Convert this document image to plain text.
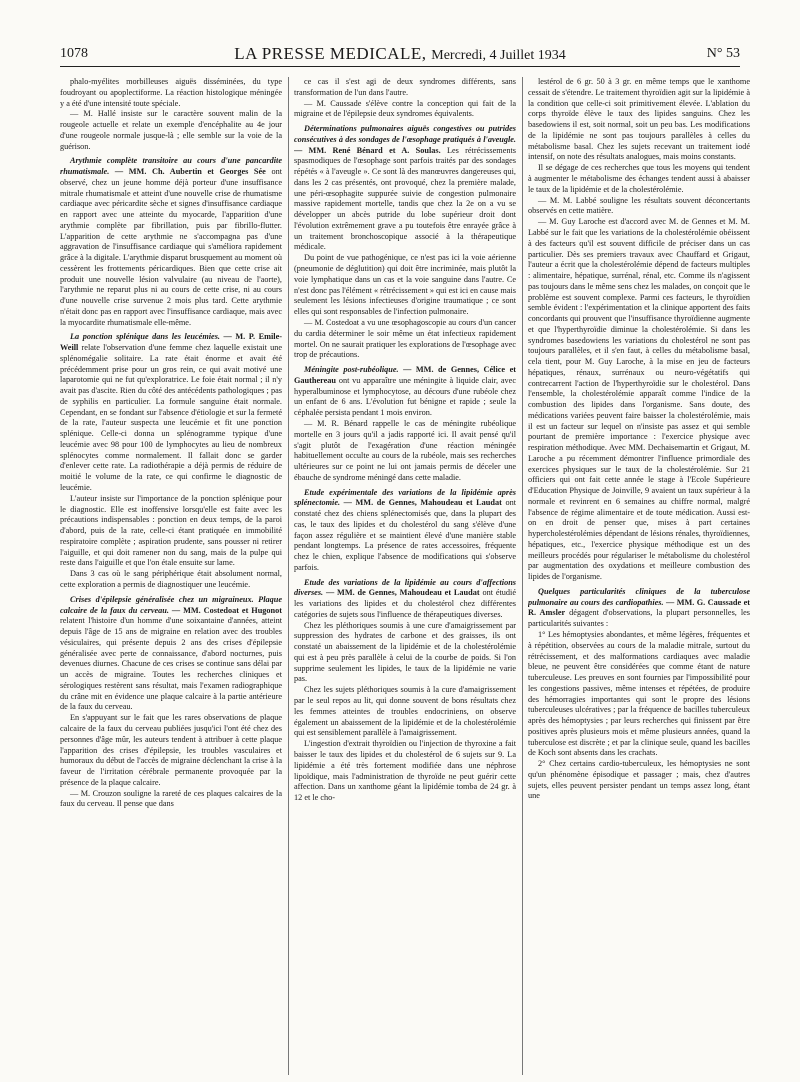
1078	LA PRESSE MEDICALE, Mercredi, 4 Juillet 1934	N° 53

phalo-myélites morbilleuses aiguës disséminées, du type foudroyant ou apoplectiforme. La réaction histologique méningée y a été d'une intensité toute spéciale.

— M. Hallé insiste sur le caractère souvent malin de la rougeole actuelle et relate un exemple d'encéphalite au 4e jour d'une rougeole normale jusque-là ; elle semble sur la voie de la guérison.

Arythmie complète transitoire au cours d'une pancardite rhumatismale. — MM. Ch. Aubertin et Georges Sée ont observé, chez un jeune homme déjà porteur d'une insuffisance mitrale rhumatismale et atteint d'une nouvelle crise de rhumatisme cardiaque avec péricardite sèche et signes d'insuffisance cardiaque en rapport avec une atteinte du myocarde, l'apparition d'une arythmie complète par fibrillation, puis par fibrillo-flutter. L'apparition de cette arythmie ne s'accompagna pas d'une aggravation de l'insuffisance cardiaque qui s'améliora rapidement grâce à la digitale. L'arythmie disparut brusquement au moment où cessèrent les frottements péricardiques. Bien que cette crise ait produit une nouvelle lésion valvulaire (au niveau de l'aorte), l'arythmie ne reparut plus ni au cours de cette crise, ni au cours d'une nouvelle crise survenue 2 mois plus tard. Cette arythmie n'était donc pas en rapport avec l'insuffisance cardiaque, mais avec la myocardite rhumatismale elle-même.

La ponction splénique dans les leucémies. — M. P. Emile-Weill relate l'observation d'une femme chez laquelle existait une splénomégalie solitaire. La rate était énorme et avait été précédemment prise pour un gros rein, ce qui avait motivé une laparotomie qui ne fut qu'exploratrice. Le foie était normal ; il n'y avait pas d'ascite. Rien du côté des antécédents pathologiques ; pas de syphilis en particulier. La formule sanguine était normale. Cependant, en se fondant sur l'absence d'étiologie et sur la fermeté de la rate, l'auteur suspecta une leucémie et fit une ponction splénique. Celle-ci donna un splénogramme typique d'une leucémie avec 98 pour 100 de lymphocytes au lieu de nombreux splénocytes comme normalement. Il fallait donc se garder d'enlever cette rate. La radiothérapie a déjà permis de réduire de moitié le volume de la rate, ce qui confirme le diagnostic de leucémie.

L'auteur insiste sur l'importance de la ponction splénique pour le diagnostic. Elle est inoffensive lorsqu'elle est faite avec les précautions indispensables : ponction en deux temps, de la paroi d'abord, puis de la rate, celle-ci étant pratiquée en immobilité respiratoire complète ; aspiration prudente, sans pousser ni retirer l'aiguille, et qui doit ramener non du sang, mais de la pulpe qui reste dans l'aiguille et que l'on étale ensuite sur lame.

Dans 3 cas où le sang périphérique était absolument normal, cette exploration a permis de diagnostiquer une leucémie.

Crises d'épilepsie généralisée chez un migraineux. Plaque calcaire de la faux du cerveau. — MM. Costedoat et Hugonot relatent l'histoire d'un homme d'une soixantaine d'années, atteint depuis l'âge de 15 ans de migraine en relation avec des troubles vésiculaires, qui présente depuis 2 ans des crises d'épilepsie généralisée avec perte de connaissance, d'abord nocturnes, puis devenues diurnes. Chacune de ces crises se continue sans délai par un accès de migraine. Toutes les recherches cliniques et sérologiques restèrent sans résultat, mais l'examen radiographique du crâne mit en évidence une plaque calcaire à la partie antérieure de la faux du cerveau.

En s'appuyant sur le fait que les rares observations de plaque calcaire de la faux du cerveau publiées jusqu'ici l'ont été chez des personnes d'âge mûr, les auteurs tendent à attribuer à cette plaque l'apparition des crises d'épilepsie, les troubles vasculaires et humoraux du début de l'accès de migraine déclenchant la crise à la faveur de l'irritation cérébrale permanente provoquée par la présence de la plaque calcaire.

— M. Crouzon souligne la rareté de ces plaques calcaires de la faux du cerveau. Il pense que dans

ce cas il s'est agi de deux syndromes différents, sans transformation de l'un dans l'autre.

— M. Caussade s'élève contre la conception qui fait de la migraine et de l'épilepsie deux syndromes équivalents.

Déterminations pulmonaires aiguës congestives ou putrides consécutives à des sondages de l'œsophage pratiqués à l'aveugle. — MM. René Bénard et A. Soulas. Les rétrécissements spasmodiques de l'œsophage sont parfois traités par des sondages répétés « à l'aveugle ». Ce sont là des manœuvres dangereuses qui, dans les 2 cas présentés, ont provoqué, chez la première malade, une péri-œsophagite suppurée suivie de congestion pulmonaire massive rapidement mortelle, tandis que chez la 2e on a vu se développer un abcès putride du lobe supérieur droit dont l'évolution extrêmement grave a pu toutefois être enrayée grâce à un traitement bronchoscopique associé à la thérapeutique médicale.

Du point de vue pathogénique, ce n'est pas ici la voie aérienne (pneumonie de déglutition) qui doit être incriminée, mais plutôt la voie lymphatique dans un cas et la voie sanguine dans l'autre. Ce n'est donc pas l'élément « rétrécissement » qui est ici en cause mais seulement les lésions infectieuses d'origine traumatique ; ce sont elles qui sont responsables de l'infection pulmonaire.

— M. Costedoat a vu une œsophagoscopie au cours d'un cancer du cardia déterminer le soir même un état infectieux rapidement mortel. On ne saurait pratiquer les explorations de l'œsophage avec trop de précautions.

Méningite post-rubéolique. — MM. de Gennes, Célice et Gauthereau ont vu apparaître une méningite à liquide clair, avec hyperalbuminose et lymphocytose, au décours d'une rubéole chez un enfant de 6 ans. L'évolution fut bénigne et rapide ; seule la céphalée persista pendant 1 mois environ.

— M. R. Bénard rappelle le cas de méningite rubéolique mortelle en 3 jours qu'il a jadis rapporté ici. Il avait pensé qu'il s'agit plutôt de l'exagération d'une réaction méningée habituellement occulte au cours de la rubéole, mais ses recherches ultérieures sur ce point ne lui ont jamais permis de déceler une ébauche de syndrome méningé dans cette maladie.

Etude expérimentale des variations de la lipidémie après splénectomie. — MM. de Gennes, Mahoudeau et Laudat ont constaté chez des chiens splénectomisés que, dans la plupart des cas, le taux des lipides et du cholestérol du sang s'élève d'une façon assez régulière et se maintient élevé d'une manière stable pendant longtemps. La présence de rates accessoires, fréquente chez le chien, explique l'absence de modifications qui s'observe parfois.

Etude des variations de la lipidémie au cours d'affections diverses. — MM. de Gennes, Mahoudeau et Laudat ont étudié les variations des lipides et du cholestérol chez différentes catégories de sujets sous l'influence de thérapeutiques diverses.

Chez les pléthoriques soumis à une cure d'amaigrissement par suppression des hydrates de carbone et des graisses, ils ont constaté un abaissement de la lipidémie et de la cholestérolémie qui est à peu près parallèle à celui de la courbe de poids. Si l'on supprime seulement les lipides, le taux de la lipidémie ne varie pas.

Chez les sujets pléthoriques soumis à la cure d'amaigrissement par le seul repos au lit, qui donne souvent de bons résultats chez les femmes atteintes de troubles endocriniens, on observe également un abaissement de la lipidémie et de la cholestérolémie qui est sensiblement parallèle à l'amaigrissement.

L'ingestion d'extrait thyroïdien ou l'injection de thyroxine a fait baisser le taux des lipides et du cholestérol de 6 sujets sur 9. La lipidémie a été très fortement modifiée dans une néphrose lipoïdique, mais l'administration de thyroïde ne peut guérir cette affection. Dans un xanthome géant la lipidémie tomba de 24 gr. à 12 et le cho-

lestérol de 6 gr. 50 à 3 gr. en même temps que le xanthome cessait de s'étendre. Le traitement thyroïdien agit sur la lipidémie à la condition que celle-ci soit primitivement élevée. L'ablation du corps thyroïde élève le taux des lipides sanguins. Chez les basedowiens il est, soit normal, soit un peu bas. Les modifications de la lipidémie ne sont pas toujours parallèles à celles du métabolisme basal. Chez les sujets recevant un traitement iodé intensif, on note des résultats analogues, mais moins constants.

Il se dégage de ces recherches que tous les moyens qui tendent à augmenter le métabolisme des échanges tendent aussi à abaisser le taux de la lipidémie et de la cholestérolémie.

— M. M. Labbé souligne les résultats souvent déconcertants observés en cette matière.

— M. Guy Laroche est d'accord avec M. de Gennes et M. M. Labbé sur le fait que les variations de la cholestérolémie obéissent à des facteurs qu'il est souvent difficile de préciser dans un cas particulier. Dès ses premiers travaux avec Chauffard et Grigaut, l'auteur a écrit que la cholestérolémie dépend de facteurs multiples : alimentaire, hépatique, surrénal, rénal, etc. Comme ils n'agissent pas toujours dans le même sens chez les malades, on conçoit que le problème est souvent complexe. Parmi ces facteurs, le thyroïdien semble évident : l'expérimentation et la clinique apportent des faits concordants qui prouvent que l'insuffisance thyroïdienne augmente et que l'hyperthyroïdie diminue la cholestérolémie. Si dans les syndromes basedowiens les variations du cholestérol ne sont pas toujours parallèles, et il s'en faut, à celles du métabolisme basal, cela tient, pour M. Guy Laroche, à la mise en jeu de facteurs hépatiques, rénaux, surrénaux ou neuro-végétatifs qui contrecarrent l'action de l'hyperthyroïdie sur le cholestérol. Dans l'ensemble, la cholestérolémie apparaît comme l'indice de la combustion des lipides dans l'organisme. Sans doute, des médications variées peuvent faire baisser la cholestérolémie, mais il est un facteur sur lequel on n'insiste pas assez et qui semble pourtant de première importance : l'exercice physique avec respiration méthodique. Avec MM. Dechaisemartin et Grigaut, M. Laroche a pu récemment démontrer l'influence primordiale des exercices physiques sur le taux de la cholestérolémie. Sur 21 officiers qui ont fait cette année le stage à l'Ecole Supérieure d'Education Physique de Joinville, 9 avaient un taux supérieur à la normale et revinrent en 6 semaines au chiffre normal, malgré l'absence de régime alimentaire et de toute médication. Aussi est-on en droit de penser que, mises à part certaines hypercholestérolémies dépendant de lésions rénales, thyroïdiennes, hépatiques, etc., l'exercice physique méthodique est un des meilleurs procédés pour régulariser le métabolisme du cholestérol par augmentation des oxydations et meilleure combustion des lipides de l'organisme.

Quelques particularités cliniques de la tuberculose pulmonaire au cours des cardiopathies. — MM. G. Caussade et R. Amsler dégagent d'observations, la plupart personnelles, les particularités suivantes :

1° Les hémoptysies abondantes, et même légères, fréquentes et à répétition, observées au cours de la maladie mitrale, surtout du rétrécissement, et des malformations cardiaques avec maladie bleue, ne peuvent être considérées que comme étant de nature tuberculeuse. Les preuves en sont fournies par l'impossibilité pour les congestions passives, même intenses et répétées, de produire des hémorragies importantes qui sont le propre des lésions tuberculeuses ulcératives ; par la fréquence de bacilles tuberculeux après des hémoptysies ; par leurs recherches qui finissent par être positives après plusieurs mois et même plusieurs années, quand la tuberculose est discrète ; et par la clinique seule, quand les bacilles de Koch sont absents dans les crachats.

2° Chez certains cardio-tuberculeux, les hémoptysies ne sont qu'un phénomène épisodique et passager ; mais, chez d'autres sujets, elles peuvent persister pendant un temps assez long, étant une
